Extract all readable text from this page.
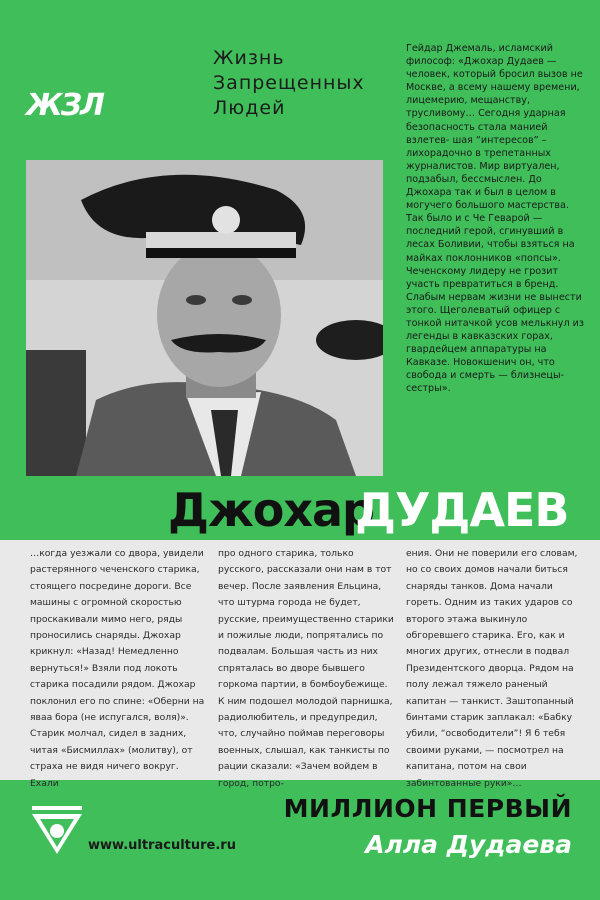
ЖЗЛ
Жизнь
Запрещенных
Людей

Гейдар Джемаль, исламский философ: «Джохар Дудаев — человек, который бросил вызов не Москве, а всему нашему времени, лицемерию, мещанству, трусливому… Сегодня ударная безопасность стала манией взлетев- шая “интересов” – лихорадочно в трепетанных журналистов. Мир виртуален, подзабыл, бессмыслен. До Джохара так и был в целом в могучего большого мастерства. Так было и с Че Геварой — последний герой, сгинувший в лесах Боливии, чтобы взяться на майках поклонников «попсы».

Чеченскому лидеру не грозит участь превратиться в бренд. Слабым нервам жизни не вынести этого. Щеголеватый офицер с тонкой нитачкой усов мелькнул из легенды в кавказских горах, гвардейцем аппаратуры на Кавказе. Новокшенич он, что свобода и смерть — близнецы-сестры».

Джохар
ДУДАЕВ

…когда уезжали со двора, увидели растерянного чеченского старика, стоящего посредине дороги. Все машины с огромной скоростью проскакивали мимо него, ряды проносились снаряды. Джохар крикнул: «Назад! Немедленно вернуться!» Взяли под локоть старика посадили рядом. Джохар поклонил его по спине: «Оберни на яваа бора (не испугался, воля)». Старик молчал, сидел в задних, читая «Бисмиллах» (молитву), от страха не видя ничего вокруг. Ехали

про одного старика, только русского, рассказали они нам в тот вечер. После заявления Ельцина, что штурма города не будет, русские, преимущественно старики и пожилые люди, попрятались по подвалам. Большая часть из них спряталась во дворе бывшего горкома партии, в бомбоубежище. К ним подошел молодой парнишка, радиолюбитель, и предупредил, что, случайно поймав переговоры военных, слышал, как танкисты по рации сказали: «Зачем войдем в город, потро-

ения. Они не поверили его словам, но со своих домов начали биться снаряды танков. Дома начали гореть. Одним из таких ударов со второго этажа выкинуло обгоревшего старика. Его, как и многих других, отнесли в подвал Президентского дворца. Рядом на полу лежал тяжело раненый капитан — танкист. Заштопанный бинтами старик заплакал: «Бабку убили, “освободители”! Я б тебя своими руками, — посмотрел на капитана, потом на свои забинтованные руки»…

www.ultraculture.ru
МИЛЛИОН ПЕРВЫЙ
Алла Дудаева
